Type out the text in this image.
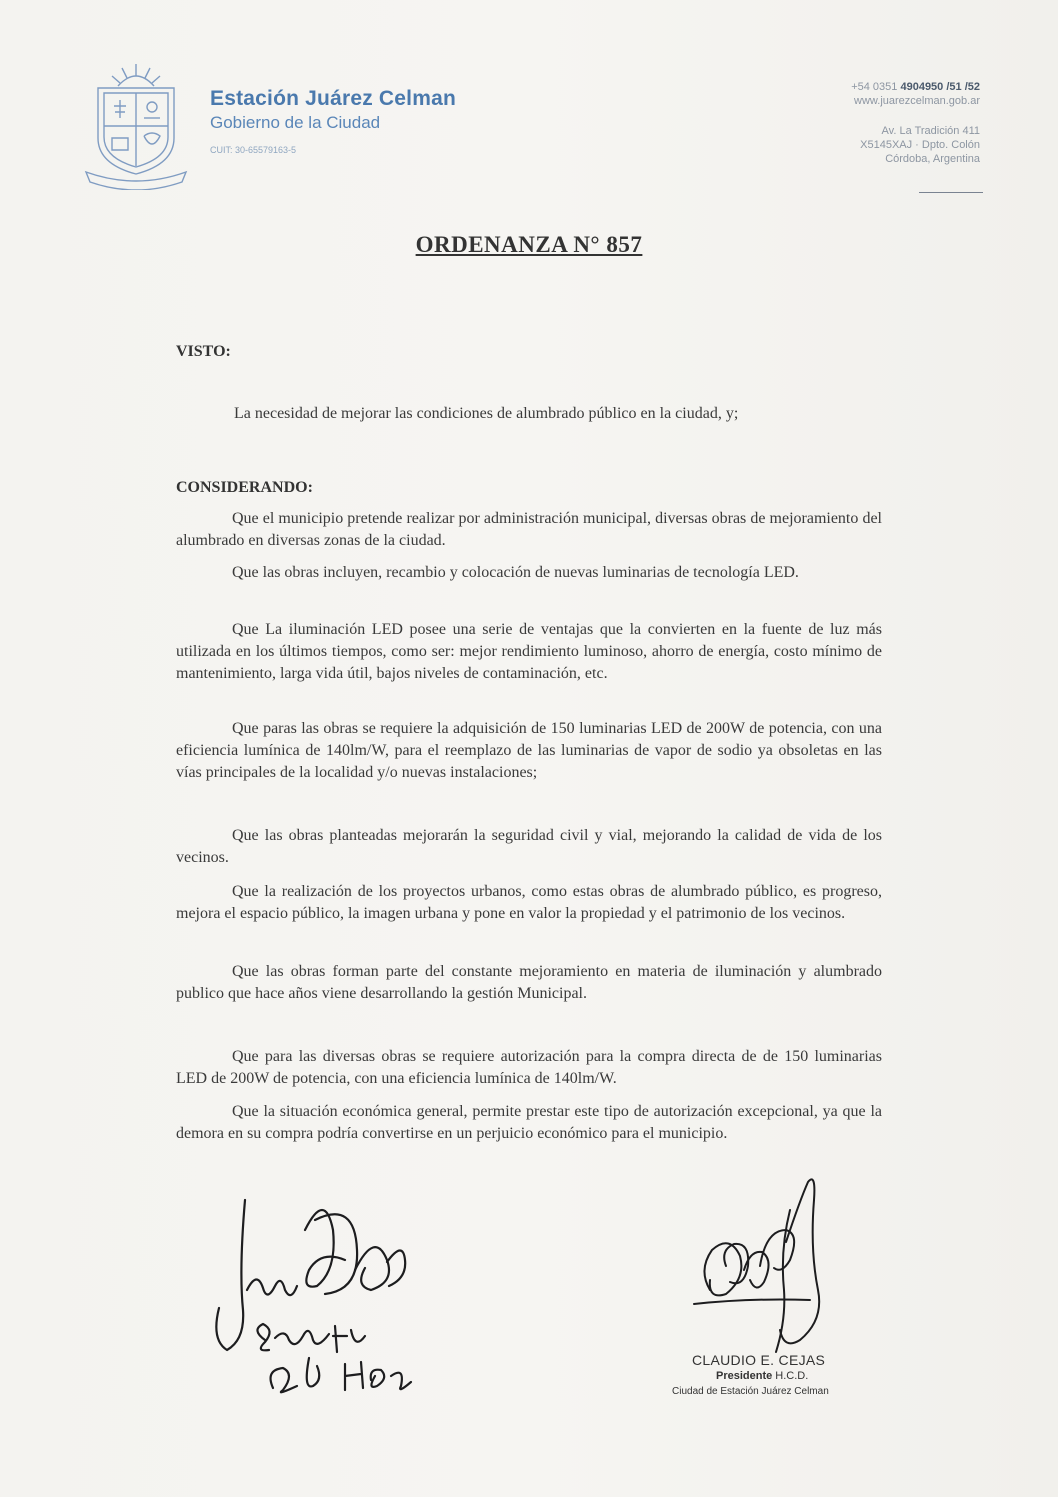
Estación Juárez Celman
Gobierno de la Ciudad
CUIT: 30-65579163-5
+54 0351 4904950 /51 /52
www.juarezcelman.gob.ar
Av. La Tradición 411
X5145XAJ · Dpto. Colón
Córdoba, Argentina
ORDENANZA N° 857
VISTO:
La necesidad de mejorar las condiciones de alumbrado público en la ciudad, y;
CONSIDERANDO:
Que el municipio pretende realizar por administración municipal, diversas obras de mejoramiento del alumbrado en diversas zonas de la ciudad.
Que las obras incluyen, recambio y colocación de nuevas luminarias de tecnología LED.
Que La iluminación LED posee una serie de ventajas que la convierten en la fuente de luz más utilizada en los últimos tiempos, como ser: mejor rendimiento luminoso, ahorro de energía, costo mínimo de mantenimiento, larga vida útil, bajos niveles de contaminación, etc.
Que paras las obras se requiere la adquisición de 150 luminarias LED de 200W de potencia, con una eficiencia lumínica de 140lm/W, para el reemplazo de las luminarias de vapor de sodio ya obsoletas en las vías principales de la localidad y/o nuevas instalaciones;
Que las obras planteadas mejorarán la seguridad civil y vial, mejorando la calidad de vida de los vecinos.
Que la realización de los proyectos urbanos, como estas obras de alumbrado público, es progreso, mejora el espacio público, la imagen urbana y pone en valor la propiedad y el patrimonio de los vecinos.
Que las obras forman parte del constante mejoramiento en materia de iluminación y alumbrado publico que hace años viene desarrollando la gestión Municipal.
Que para las diversas obras se requiere autorización para la compra directa de de 150 luminarias LED de 200W de potencia, con una eficiencia lumínica de 140lm/W.
Que la situación económica general, permite prestar este tipo de autorización excepcional, ya que la demora en su compra podría convertirse en un perjuicio económico para el municipio.
CLAUDIO E. CEJAS
Presidente H.C.D.
Ciudad de Estación Juárez Celman
